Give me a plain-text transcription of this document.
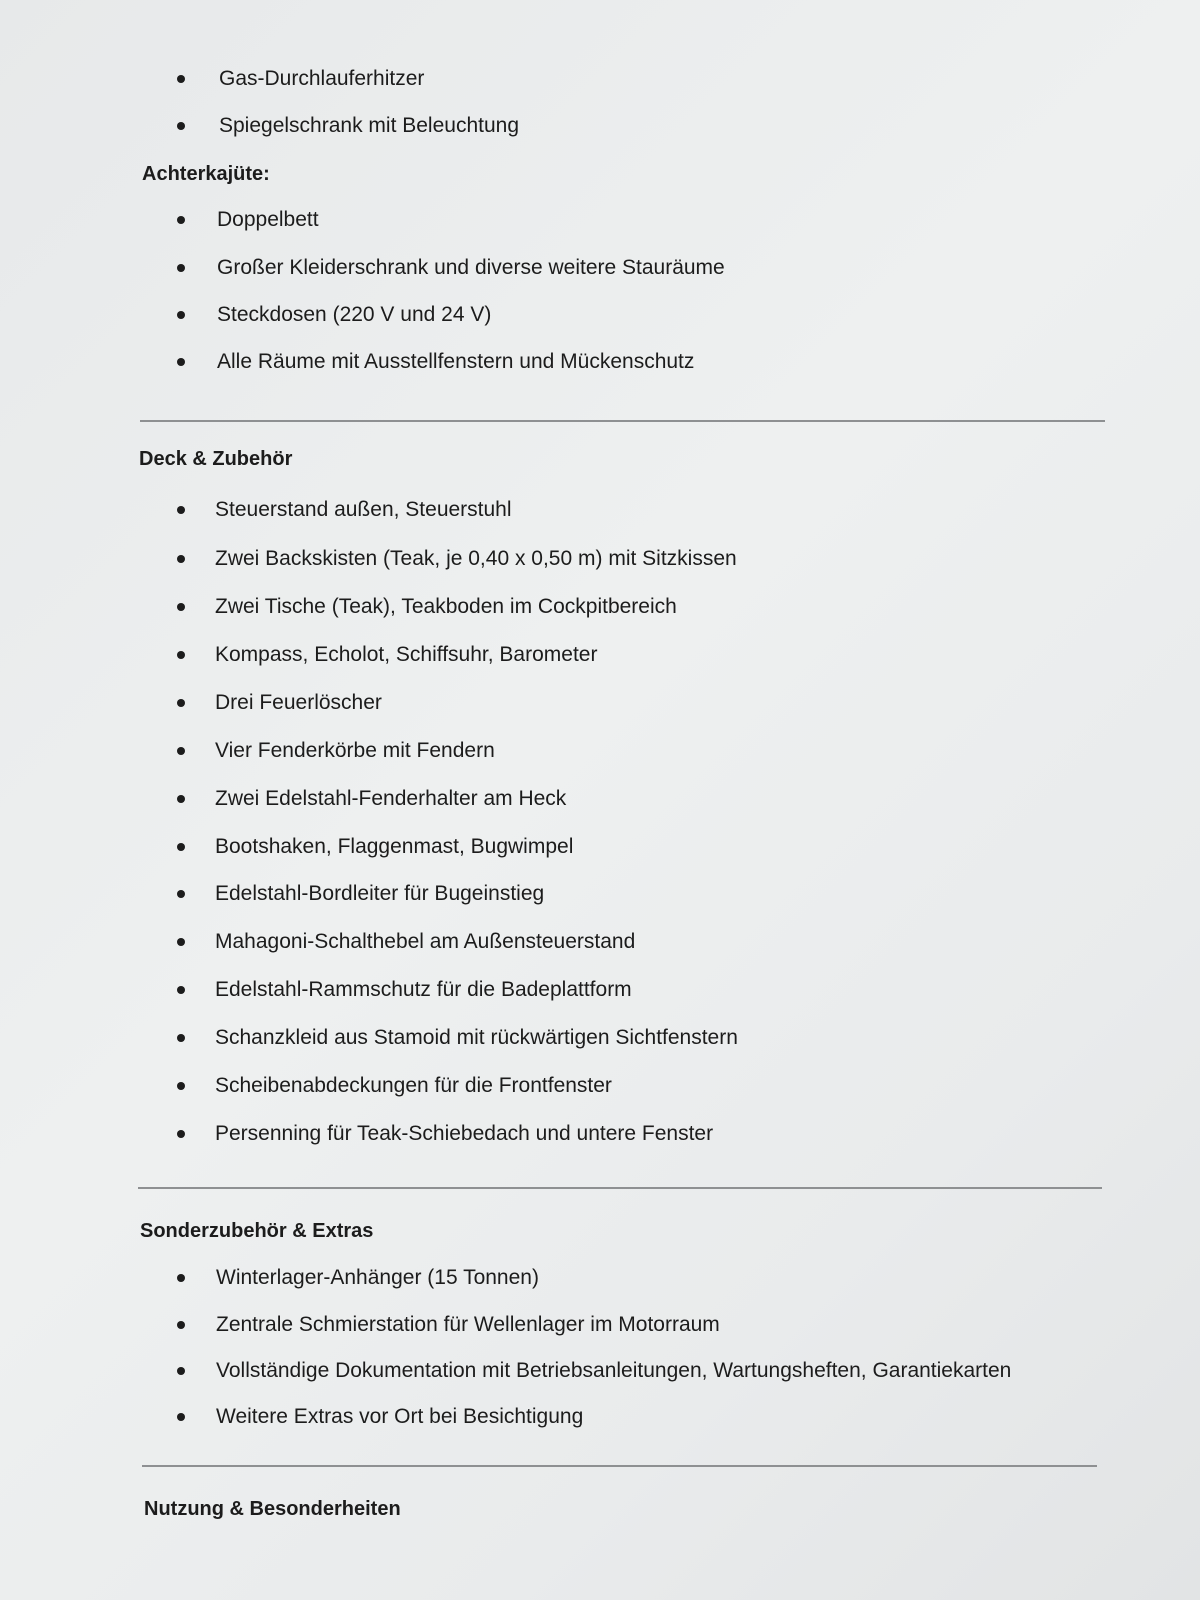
Gas-Durchlauferhitzer
Spiegelschrank mit Beleuchtung
Achterkajüte:
Doppelbett
Großer Kleiderschrank und diverse weitere Stauräume
Steckdosen (220 V und 24 V)
Alle Räume mit Ausstellfenstern und Mückenschutz
Deck & Zubehör
Steuerstand außen, Steuerstuhl
Zwei Backskisten (Teak, je 0,40 x 0,50 m) mit Sitzkissen
Zwei Tische (Teak), Teakboden im Cockpitbereich
Kompass, Echolot, Schiffsuhr, Barometer
Drei Feuerlöscher
Vier Fenderkörbe mit Fendern
Zwei Edelstahl-Fenderhalter am Heck
Bootshaken, Flaggenmast, Bugwimpel
Edelstahl-Bordleiter für Bugeinstieg
Mahagoni-Schalthebel am Außensteuerstand
Edelstahl-Rammschutz für die Badeplattform
Schanzkleid aus Stamoid mit rückwärtigen Sichtfenstern
Scheibenabdeckungen für die Frontfenster
Persenning für Teak-Schiebedach und untere Fenster
Sonderzubehör & Extras
Winterlager-Anhänger (15 Tonnen)
Zentrale Schmierstation für Wellenlager im Motorraum
Vollständige Dokumentation mit Betriebsanleitungen, Wartungsheften, Garantiekarten
Weitere Extras vor Ort bei Besichtigung
Nutzung & Besonderheiten
